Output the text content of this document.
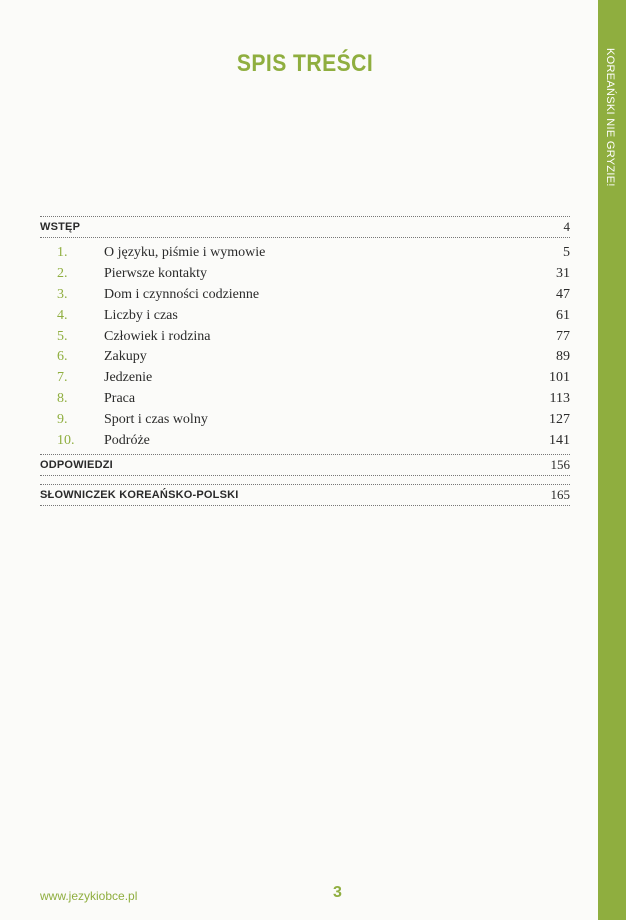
KOREAŃSKI NIE GRYZIE!
SPIS TREŚCI
WSTĘP	4
1.	O języku, piśmie i wymowie	5
2.	Pierwsze kontakty	31
3.	Dom i czynności codzienne	47
4.	Liczby i czas	61
5.	Człowiek i rodzina	77
6.	Zakupy	89
7.	Jedzenie	101
8.	Praca	113
9.	Sport i czas wolny	127
10.	Podróże	141
ODPOWIEDZI	156
SŁOWNICZEK KOREAŃSKO-POLSKI	165
www.jezykiobce.pl	3
